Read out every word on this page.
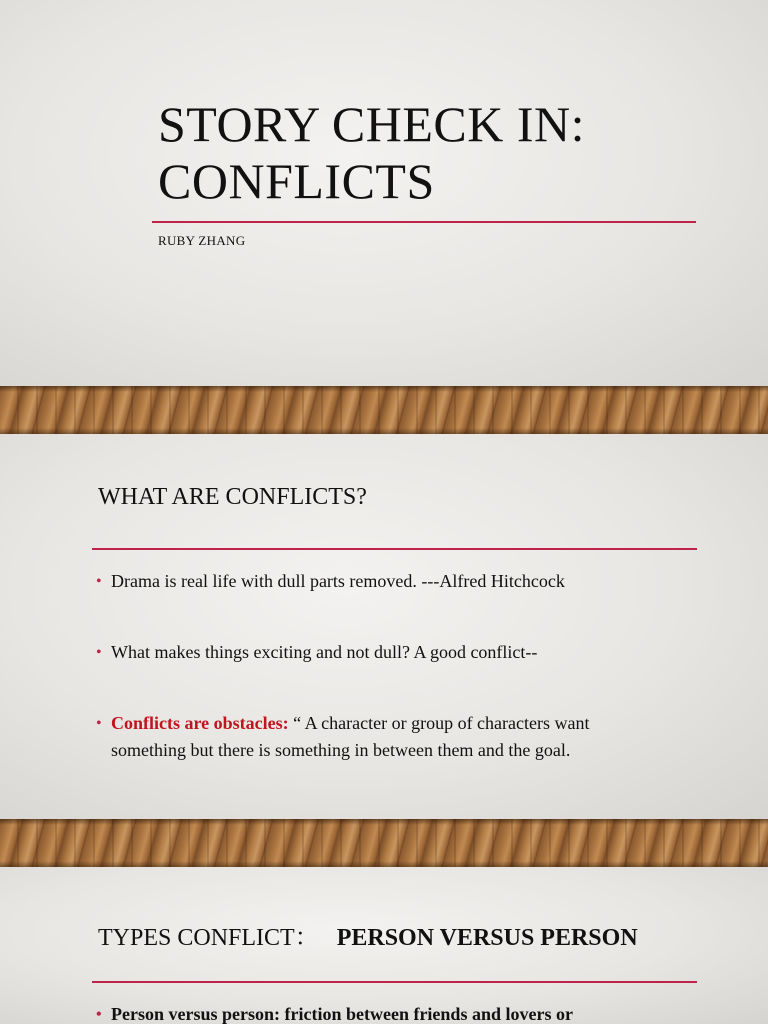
STORY CHECK IN:
CONFLICTS
RUBY ZHANG
WHAT ARE CONFLICTS?
• Drama is real life with dull parts removed. ---Alfred Hitchcock
• What makes things exciting and not dull? A good conflict--
• Conflicts are obstacles: “ A character or group of characters want something but there is something in between them and the goal.
TYPES CONFLICT： PERSON VERSUS PERSON
• Person versus person: friction between friends and lovers or
